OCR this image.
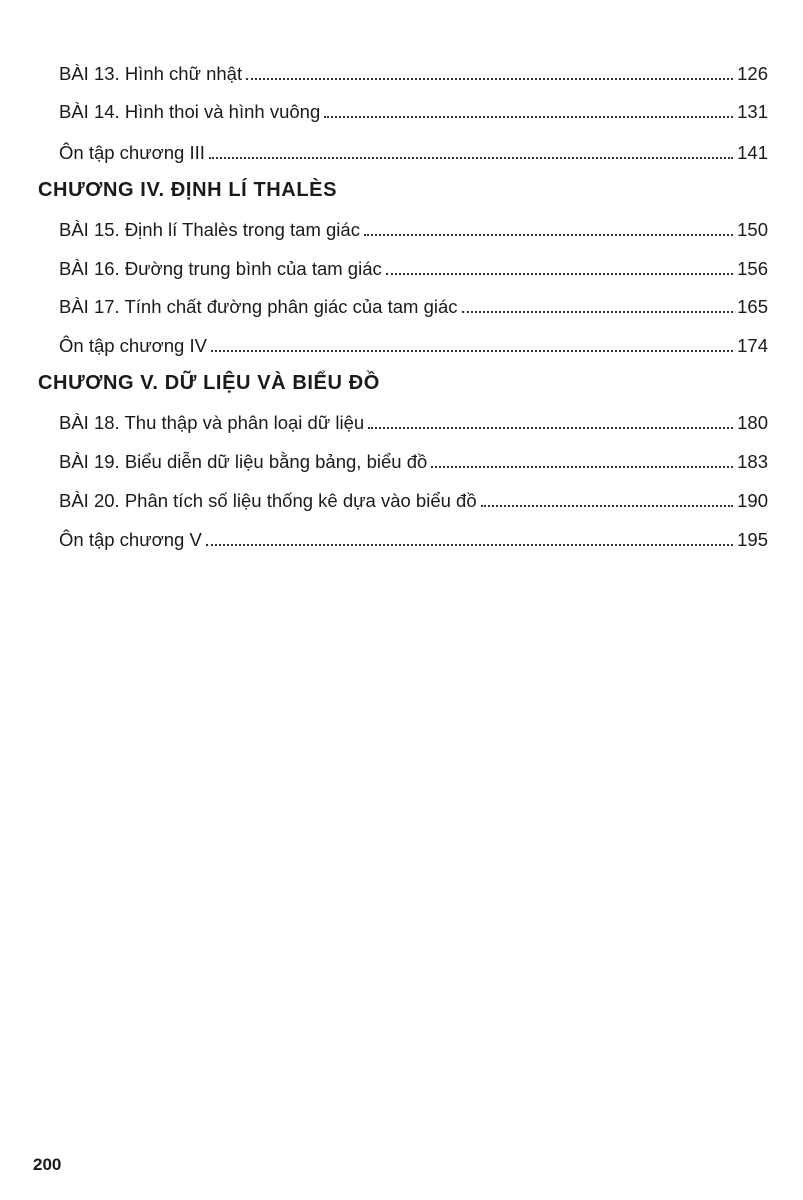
BÀI 13. Hình chữ nhật	126
BÀI 14. Hình thoi và hình vuông	131
Ôn tập chương III	141
CHƯƠNG IV. ĐỊNH LÍ THALÈS
BÀI 15. Định lí Thalès trong tam giác	150
BÀI 16. Đường trung bình của tam giác	156
BÀI 17. Tính chất đường phân giác của tam giác	165
Ôn tập chương IV	174
CHƯƠNG V. DỮ LIỆU VÀ BIỂU ĐỒ
BÀI 18. Thu thập và phân loại dữ liệu	180
BÀI 19. Biểu diễn dữ liệu bằng bảng, biểu đồ	183
BÀI 20. Phân tích số liệu thống kê dựa vào biểu đồ	190
Ôn tập chương V	195
200
